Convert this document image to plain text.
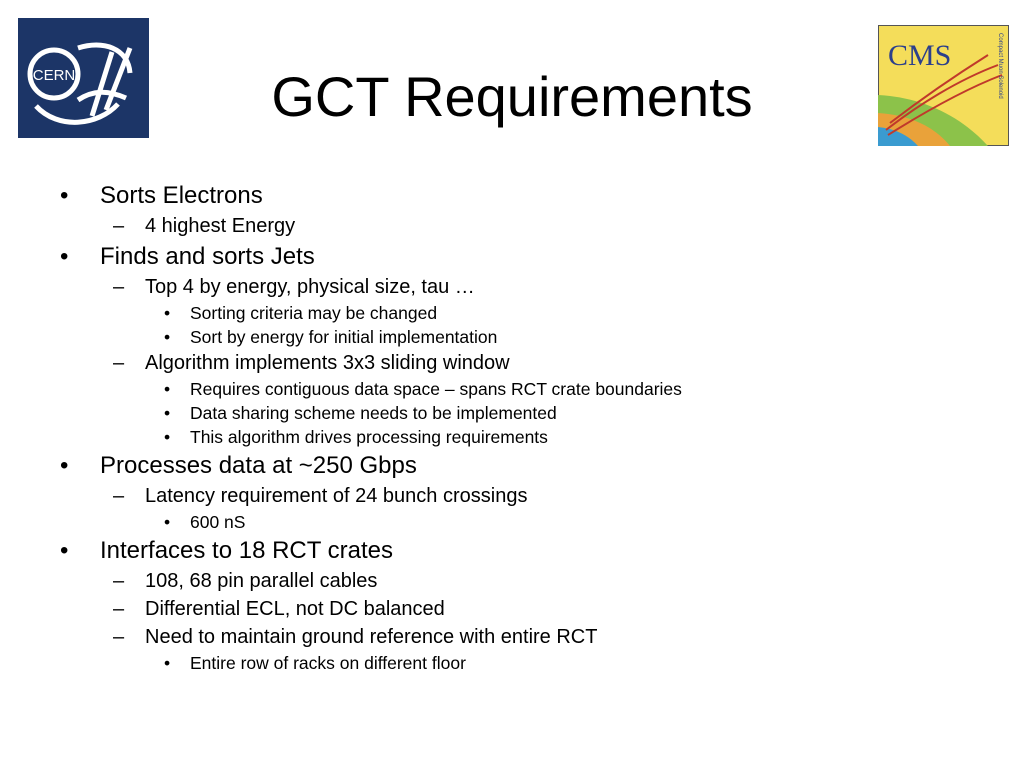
CERN	GCT Requirements
CMS	Compact Muon Solenoid
• Sorts Electrons
– 4 highest Energy
• Finds and sorts Jets
– Top 4 by energy, physical size, tau …
• Sorting criteria may be changed
• Sort by energy for initial implementation
– Algorithm implements 3x3 sliding window
• Requires contiguous data space – spans RCT crate boundaries
• Data sharing scheme needs to be implemented
• This algorithm drives processing requirements
• Processes data at ~250 Gbps
– Latency requirement of 24 bunch crossings
• 600 nS
• Interfaces to 18 RCT crates
– 108, 68 pin parallel cables
– Differential ECL, not DC balanced
– Need to maintain ground reference with entire RCT
• Entire row of racks on different floor
